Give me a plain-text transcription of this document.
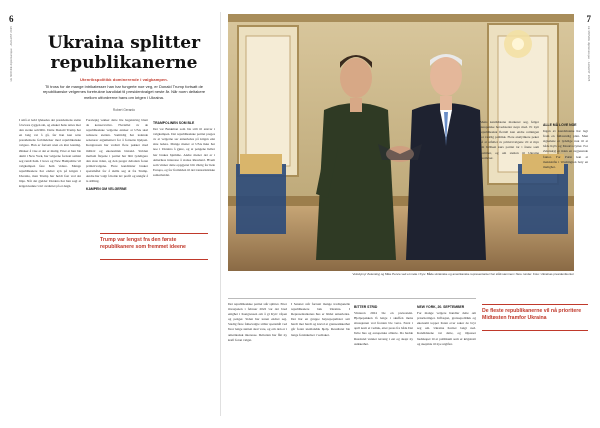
6	7
LE MONDE diplomatique · AUGUST 2025	LE MONDE diplomatique · AUGUST 2025
Ukraina splitter
republikanerne
Utenrikspolitikk dominerende i valgkampen.
Til tross for de mange intrikatesser han har fungerte noe veg, er Donald Trump fortsatt de republikanske velgernes foretrukne kandidat til presidentvalget neste år. Når noen deltakere mellom utfordrerne hans om krigen i Ukraina.
Robert Gerardo
I små et ledd lykkedes det presidentens støtte å bevare ryggen sin, og ønsket hans rettes mot den sterke selvtillit. Dette Donald Trump har en lang vei å gå, før han kan rette presidentens forbindelser med republikanske velgere. Han er fortsatt uten en klar løsning. Ønsker å vise at det er mulig. Etter at han ble dømt i New York, har velgerne fortsatt samlet seg rundt ham. I Iowa og New Hampshire vil valgkampen føre ham videre. Mange republikanere har endret syn på krigen i Ukraina, men Trump har holdt fast ved sin linje. Når det gjelder Ukraina har han sagt at krigen kunne vært avsluttet på et døgn.
Foreløpig vekker dette lite begeistring blant de konservative. Flertallet av de republikanske velgerne ønsker at USA skal redusere støtten. Samtidig har ledende senatorer argumentert for å fortsette hjelpen. Kongressen har vedtatt flere pakker med militær og økonomisk bistand. Striden mellom fløyene i partiet har blitt tydeligere den siste tiden, og den preger debatten foran primærvalgene. Flere kandidater bruker spørsmålet for å skille seg ut fra Trump. Andre har valgt å holde lav profil og unngår å ta stilling.
KAMPEN OM VELGERNE
TRAMPOLINEN SOM BLE
Det var Bankman som ble stilt til ansvar i valgkampen. Det republikanske partiet preges av at velgerne ser annerledes på krigen enn sine ledere. Mange mener at USA ikke har noe i Ukraina å gjøre, og at pengene heller bør brukes hjemme. Andre mener det er i Amerikas interesse å stanse Russland. Hvem som vinner dette oppgjøret blir viktig for hele Europa, og for fremtiden til det transatlantiske samarbeidet.
Trump var lengst fra den første republikanere som fremmet ideene
Volodymyr Zelenskyj og Mike Pence ved et møte i Kyiv. Både ukrainske og amerikanske representanter har stått sammen i flere runder. Foto: Ukrainas presidentkontor
Det republikanske partiet står splittet. Etter invasjonen i februar 2022 var det bred enighet i Kongressen om å gi Kyiv våpen og penger. Siden har tonen endret seg. Stadig flere folkevalgte stiller spørsmål ved hvor lenge støtten skal vare, og om den er i amerikansk interesse. Debatten har fått ny kraft foran valget.
I Senatet står fortsatt mange tradisjonelle republikanere bak Ukraina. I Representantenes hus er bildet annerledes. Der har en gruppe høyrepopulister satt hardt mot hardt og krevd at grensesikkerhet går foran utenlandsk hjelp. Resultatet ble lange forsinkelser i vedtaket.
BITTER STRID
Vinteren 2024 ble en prøvestein. Hjelpepakken lå lenge i skuffen mens situasjonen ved fronten ble verre. Først i april kom et vedtak, etter press fra både Det hvite hus og europeiske allierte. Da hadde Russland vunnet terreng i øst og skapt ny usikkerhet.
NEW YORK, 20. SEPTEMBER
For mange velgere handler dette om prioriteringer. Inflasjon, grensepolitikk og økonomi topper listen over saker de bryr seg om. Ukraina havner langt ned. Kandidatene vet dette, og tilpasser budskapet til et publikum som er krigstrøtt og skeptisk til nye utgifter.
Mens kandidatene markerer seg, følger europeiske hovedsteder nøye med. Et nytt republikansk flertall kan endre retningen for vestlig politikk. Flere analytikere peker på at utfallet av primærvalgene vil si mye om hvilken kurs partiet tar i årene som kommer, og om støtten til Ukraina overlever.
ALLE MÅ LOVE NOE
Ingen av kandidatene har lagt fram en fullstendig plan. Men signalene er tydelige nok til at både Kyiv og Moskva lytter. For Zelenskyj er tiden en avgjørende faktor. For Putin kan et maktskifte i Washington bety en mulighet.
De fleste republikanerne vil nå prioritere Midtøsten framfor Ukraina
